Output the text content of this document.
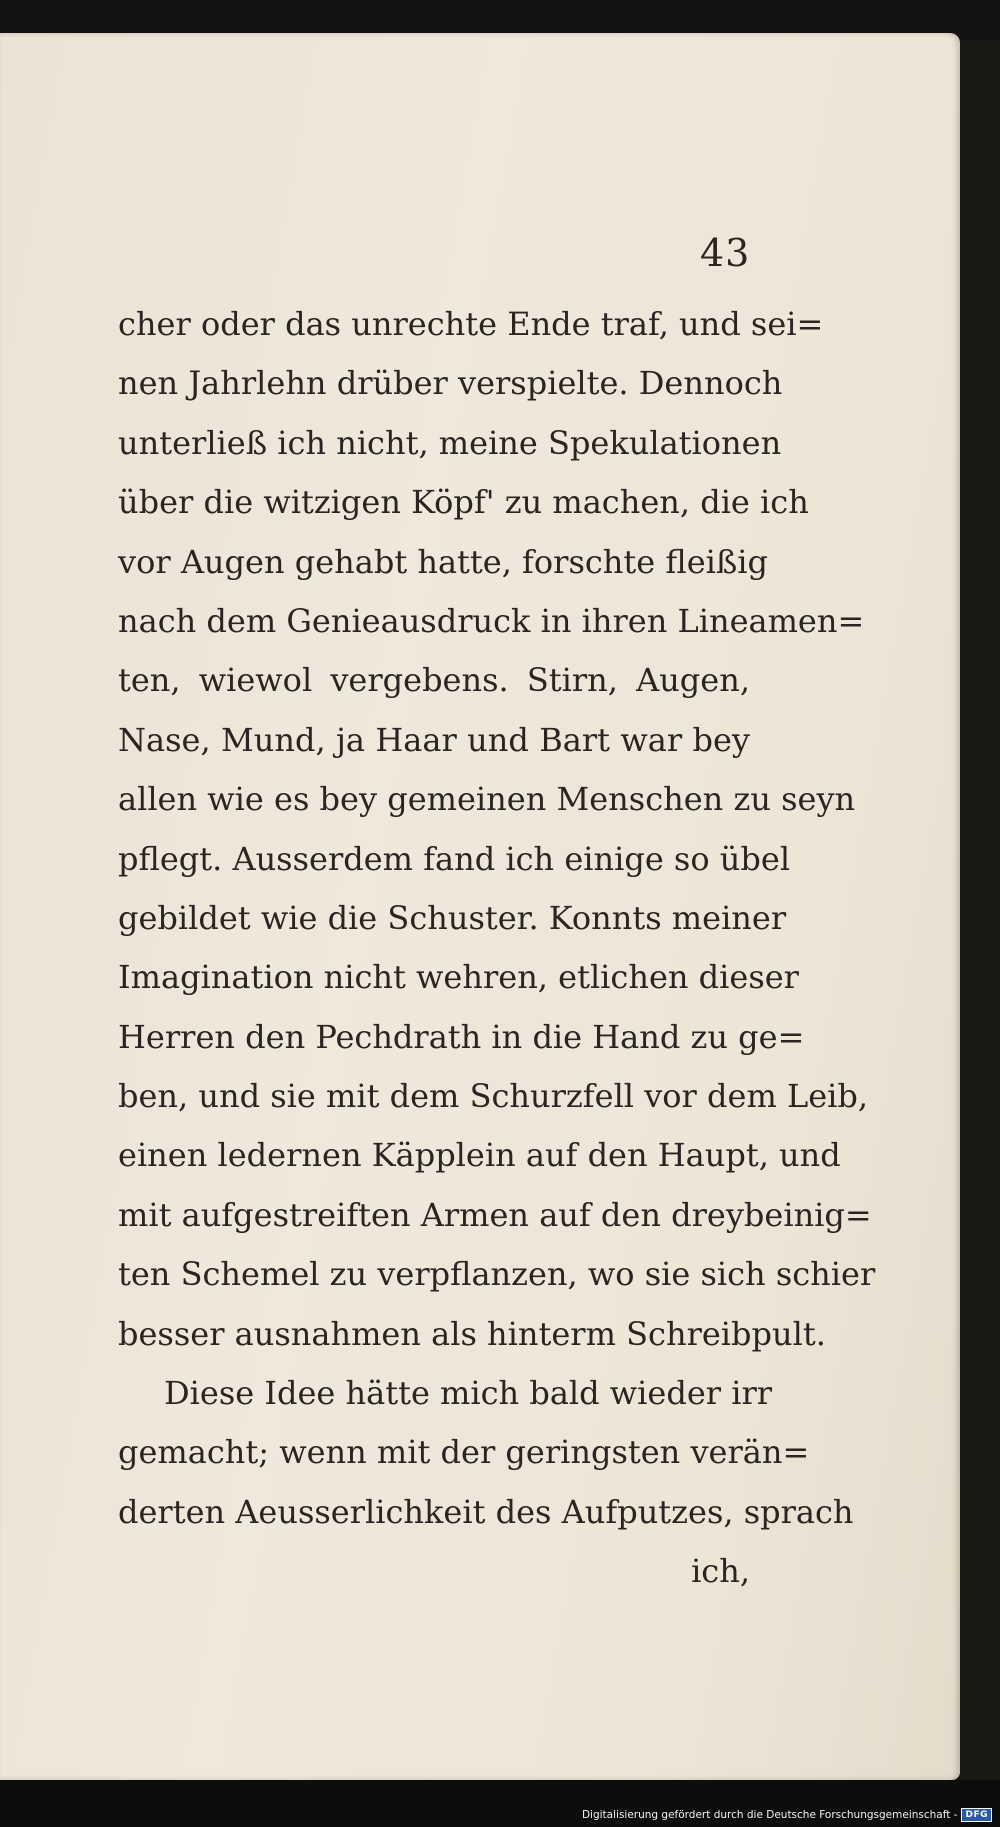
43
cher oder das unrechte Ende traf, und sei=
nen Jahrlehn drüber verspielte. Dennoch
unterließ ich nicht, meine Spekulationen
über die witzigen Köpf' zu machen, die ich
vor Augen gehabt hatte, forschte fleißig
nach dem Genieausdruck in ihren Lineamen=
ten, wiewol vergebens. Stirn, Augen,
Nase, Mund, ja Haar und Bart war bey
allen wie es bey gemeinen Menschen zu seyn
pflegt. Ausserdem fand ich einige so übel
gebildet wie die Schuster. Konnts meiner
Imagination nicht wehren, etlichen dieser
Herren den Pechdrath in die Hand zu ge=
ben, und sie mit dem Schurzfell vor dem Leib,
einen ledernen Käpplein auf den Haupt, und
mit aufgestreiften Armen auf den dreybeinig=
ten Schemel zu verpflanzen, wo sie sich schier
besser ausnahmen als hinterm Schreibpult.
Diese Idee hätte mich bald wieder irr
gemacht; wenn mit der geringsten verän=
derten Aeusserlichkeit des Aufputzes, sprach
ich,
Digitalisierung gefördert durch die Deutsche Forschungsgemeinschaft - DFG
